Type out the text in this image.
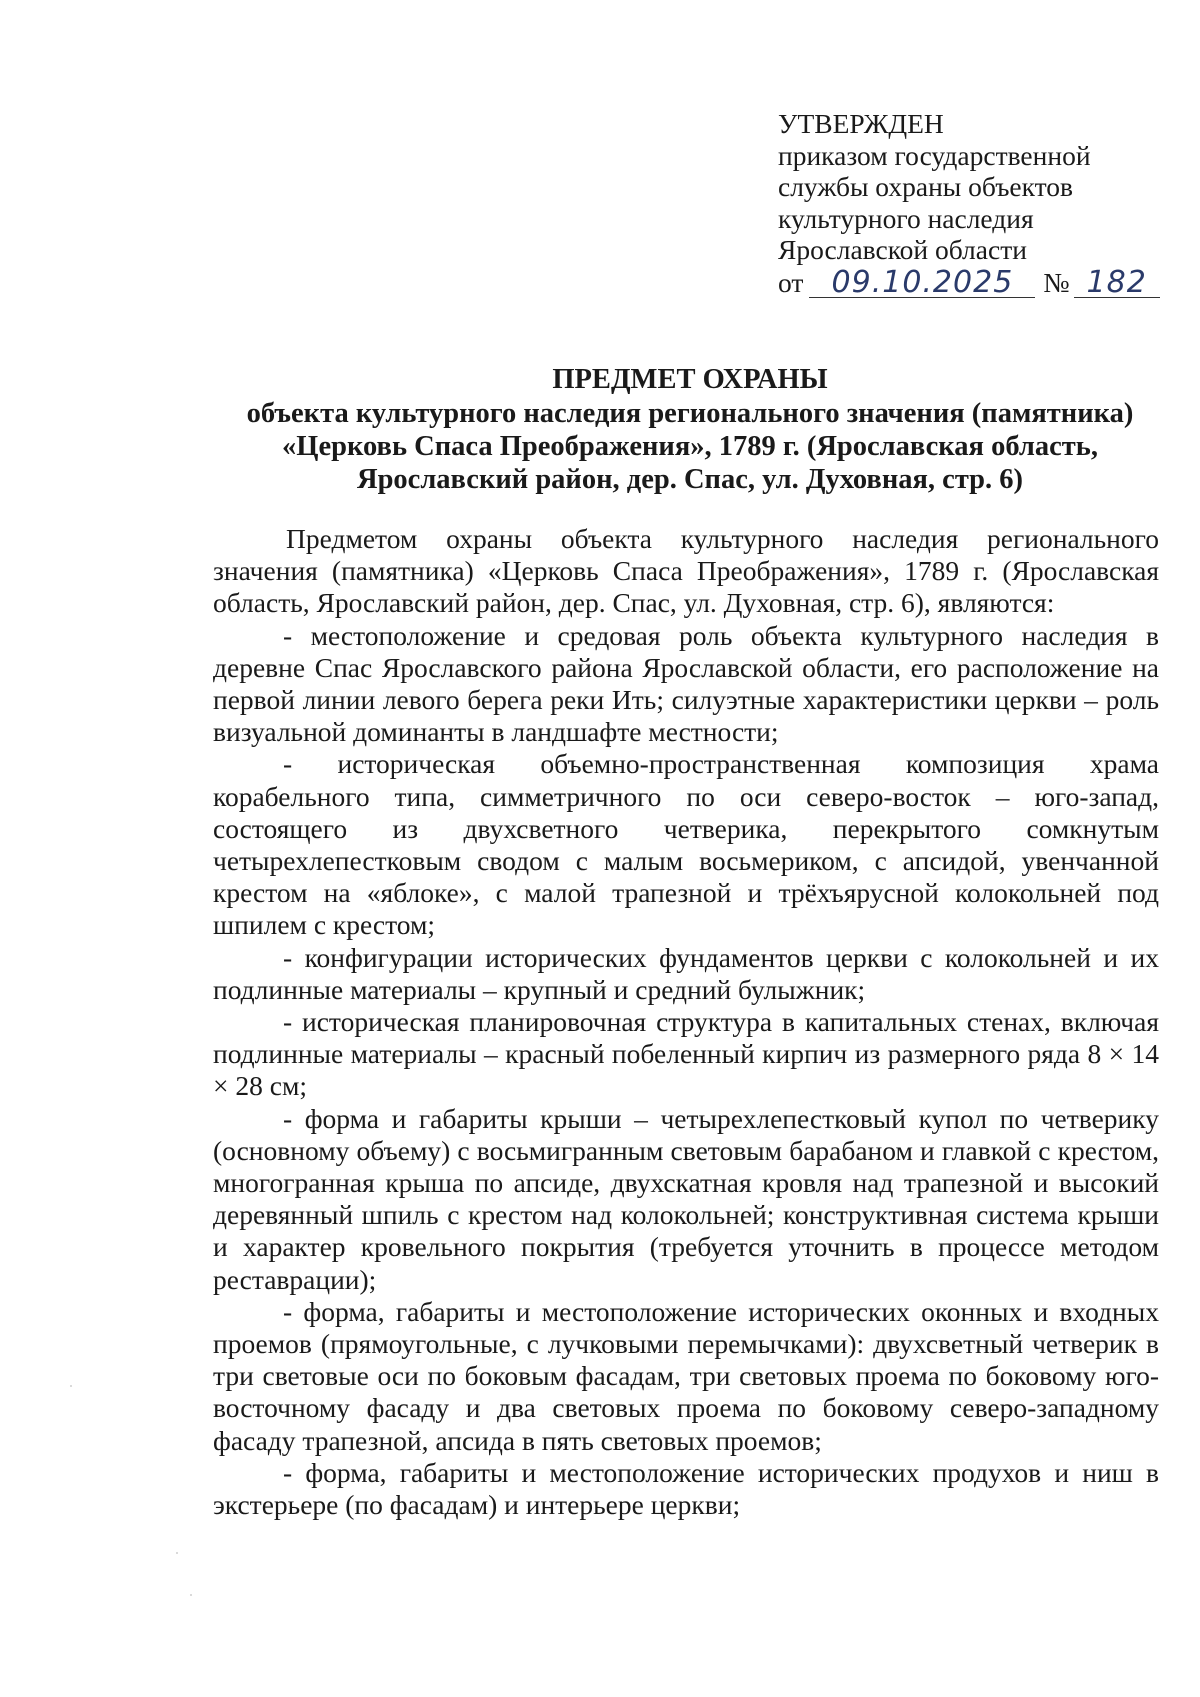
УТВЕРЖДЕН
приказом государственной
службы охраны объектов
культурного наследия
Ярославской области
от 09.10.2025 № 182
ПРЕДМЕТ ОХРАНЫ
объекта культурного наследия регионального значения (памятника)
«Церковь Спаса Преображения», 1789 г. (Ярославская область,
Ярославский район, дер. Спас, ул. Духовная, стр. 6)

Предметом охраны объекта культурного наследия регионального значения (памятника) «Церковь Спаса Преображения», 1789 г. (Ярославская область, Ярославский район, дер. Спас, ул. Духовная, стр. 6), являются:

- местоположение и средовая роль объекта культурного наследия в деревне Спас Ярославского района Ярославской области, его расположение на первой линии левого берега реки Ить; силуэтные характеристики церкви – роль визуальной доминанты в ландшафте местности;

- историческая объемно-пространственная композиция храма корабельного типа, симметричного по оси северо-восток – юго-запад, состоящего из двухсветного четверика, перекрытого сомкнутым четырехлепестковым сводом с малым восьмериком, с апсидой, увенчанной крестом на «яблоке», с малой трапезной и трёхъярусной колокольней под шпилем с крестом;

- конфигурации исторических фундаментов церкви с колокольней и их подлинные материалы – крупный и средний булыжник;

- историческая планировочная структура в капитальных стенах, включая подлинные материалы – красный побеленный кирпич из размерного ряда 8 × 14 × 28 см;

- форма и габариты крыши – четырехлепестковый купол по четверику (основному объему) с восьмигранным световым барабаном и главкой с крестом, многогранная крыша по апсиде, двухскатная кровля над трапезной и высокий деревянный шпиль с крестом над колокольней; конструктивная система крыши и характер кровельного покрытия (требуется уточнить в процессе методом реставрации);

- форма, габариты и местоположение исторических оконных и входных проемов (прямоугольные, с лучковыми перемычками): двухсветный четверик в три световые оси по боковым фасадам, три световых проема по боковому юго-восточному фасаду и два световых проема по боковому северо-западному фасаду трапезной, апсида в пять световых проемов;

- форма, габариты и местоположение исторических продухов и ниш в экстерьере (по фасадам) и интерьере церкви;
